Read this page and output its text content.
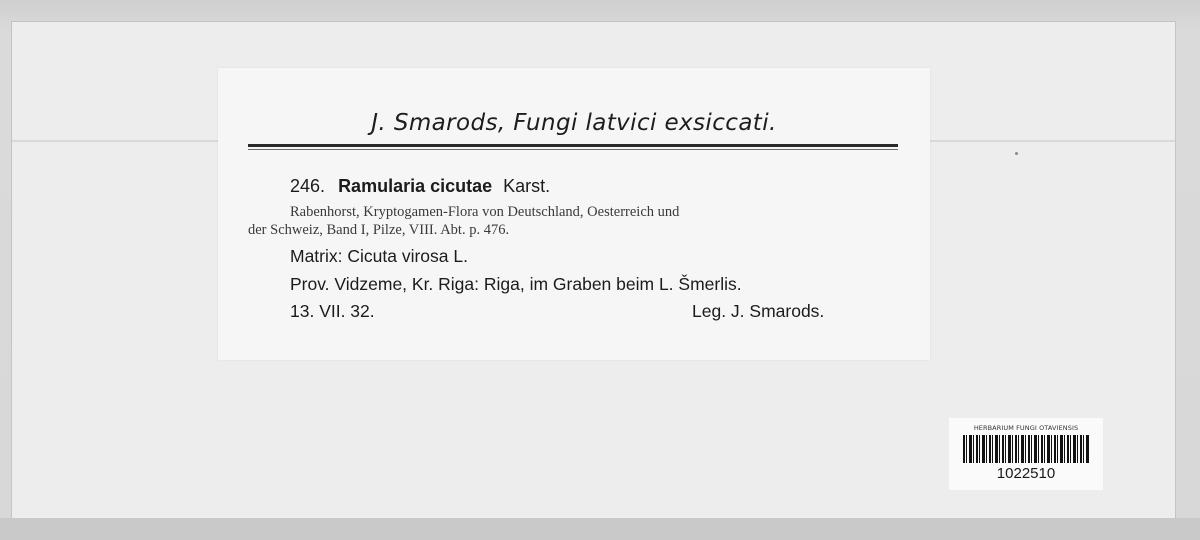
J. Smarods, Fungi latvici exsiccati.
246. Ramularia cicutae Karst.
Rabenhorst, Kryptogamen-Flora von Deutschland, Oesterreich und
der Schweiz, Band I, Pilze, VIII. Abt. p. 476.
Matrix: Cicuta virosa L.
Prov. Vidzeme, Kr. Riga: Riga, im Graben beim L. Šmerlis.
13. VII. 32.	Leg. J. Smarods.
HERBARIUM FUNGI OTAVIENSIS
1022510
